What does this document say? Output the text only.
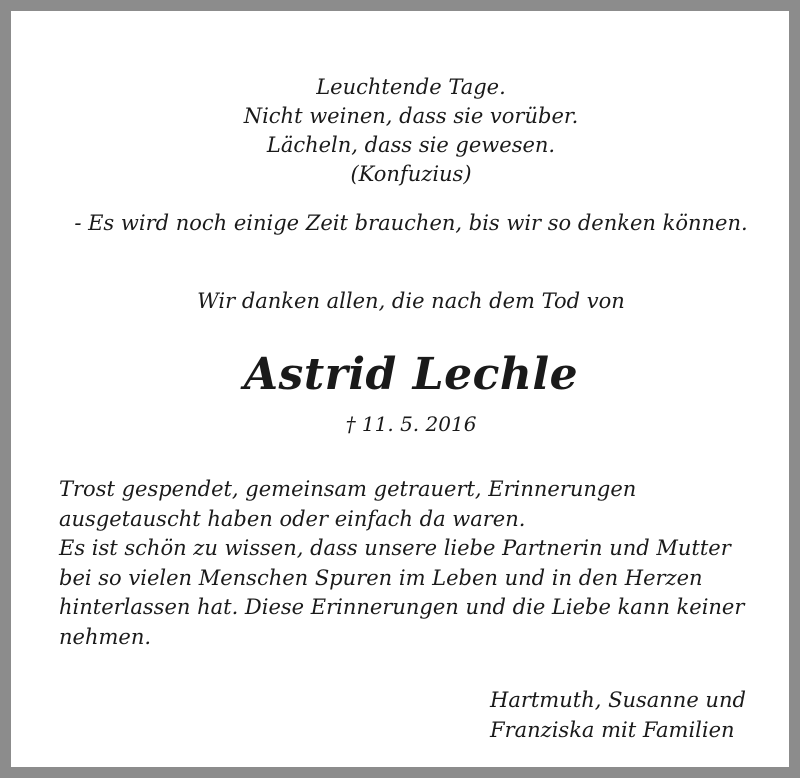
Leuchtende Tage.
Nicht weinen, dass sie vorüber.
Lächeln, dass sie gewesen.
(Konfuzius)
- Es wird noch einige Zeit brauchen, bis wir so denken können.
Wir danken allen, die nach dem Tod von
Astrid Lechle
† 11. 5. 2016
Trost gespendet, gemeinsam getrauert, Erinnerungen
ausgetauscht haben oder einfach da waren.
Es ist schön zu wissen, dass unsere liebe Partnerin und Mutter
bei so vielen Menschen Spuren im Leben und in den Herzen
hinterlassen hat. Diese Erinnerungen und die Liebe kann keiner
nehmen.
Hartmuth, Susanne und
Franziska mit Familien
